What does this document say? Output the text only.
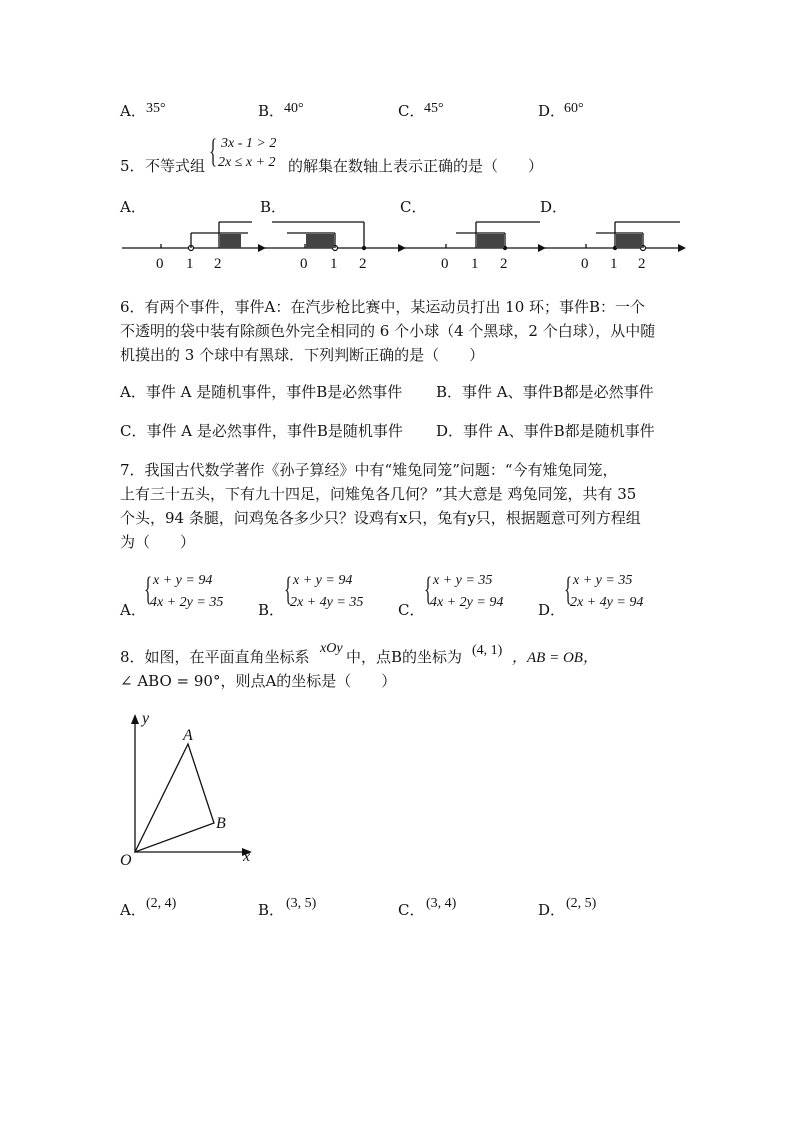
A． 35°	B． 40°	C． 45°	D．
60°
5． 不等式组 { 3x - 1 > 2
2x ≤ x + 2 的解集在数轴上表示正确的是（　　）
A．	B．	C．	D．
0 1 2	0 1 2	0 1 2	0 1 2
6．有两个事件，事件A：在汽步枪比赛中，某运动员打出 10 环；事件B：一个
不透明的袋中装有除颜色外完全相同的 6 个小球（4 个黑球，2 个白球），从中随
机摸出的 3 个球中有黑球．下列判断正确的是（　　）
A．事件 A 是随机事件，事件B是必然事件 B．事件 A、事件B都是必然事件
C．事件 A 是必然事件，事件B是随机事件 D．事件 A、事件B都是随机事件
7．我国古代数学著作《孙子算经》中有“雉兔同笼”问题：“今有雉兔同笼，
上有三十五头，下有九十四足，问雉兔各几何？”其大意是 鸡兔同笼，共有 35
个头，94 条腿，问鸡兔各多少只？设鸡有x只，兔有y只，根据题意可列方程组
为（　　）
A．
{ x + y = 94
4x + 2y = 35 B．
{ x + y = 94
2x + 4y = 35 C．
{ x + y = 35
4x + 2y = 94 D．
{ x + y = 35
2x + 4y = 94
8．如图，在平面直角坐标系 xOy 中，点B的坐标为 (4, 1) ，AB = OB，
∠ ABO = 90°，则点A的坐标是（　　）
y
x
O
A
B
A． (2, 4)	B． (3, 5)	C． (3, 4)	D． (2, 5)
